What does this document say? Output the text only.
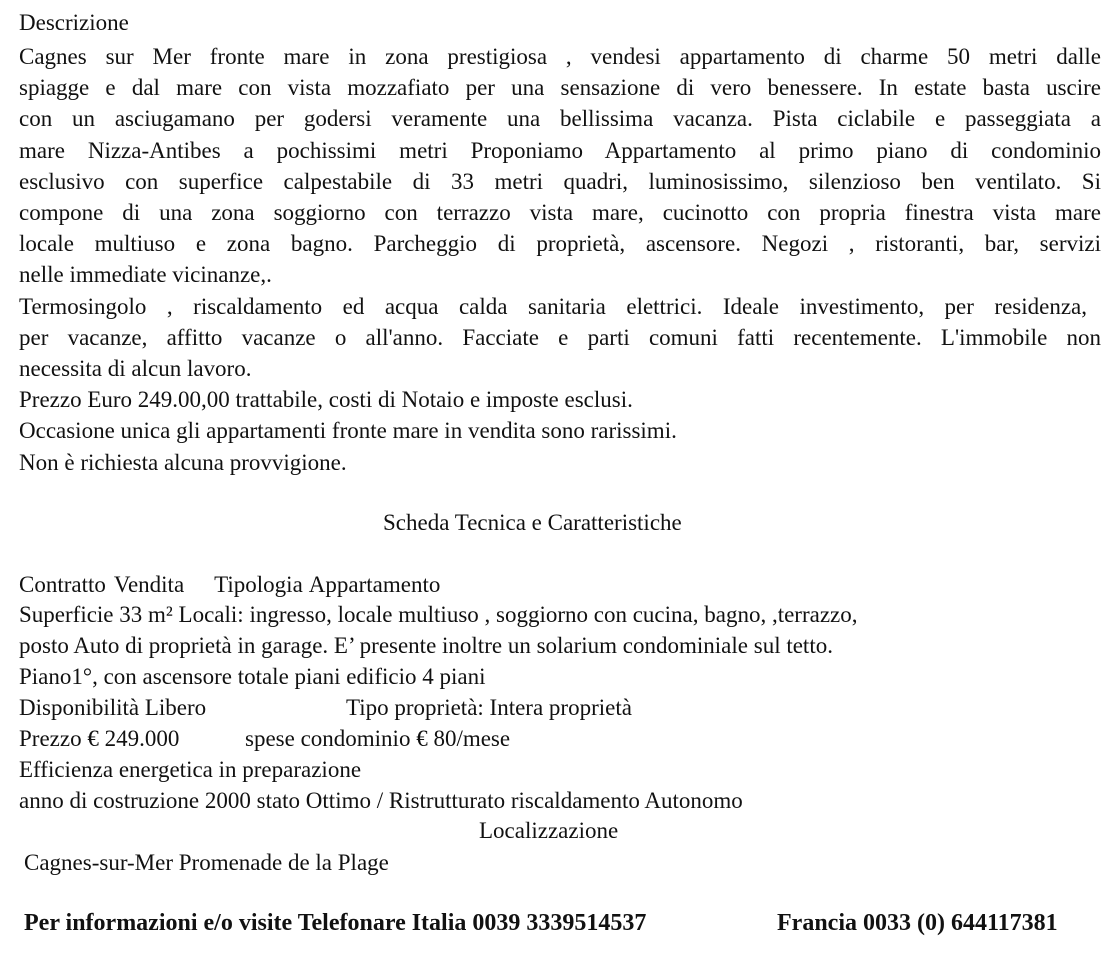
Descrizione
Cagnes sur Mer fronte mare in zona prestigiosa , vendesi appartamento di charme 50 metri dalle
spiagge e dal mare con vista mozzafiato per una sensazione di vero benessere. In estate basta uscire
con un asciugamano per godersi veramente una bellissima vacanza. Pista ciclabile e passeggiata a
mare Nizza-Antibes a pochissimi metri Proponiamo Appartamento al primo piano di condominio
esclusivo con superfice calpestabile di 33 metri quadri, luminosissimo, silenzioso ben ventilato. Si
compone di una zona soggiorno con terrazzo vista mare, cucinotto con propria finestra vista mare
locale multiuso e zona bagno. Parcheggio di proprietà, ascensore. Negozi , ristoranti, bar, servizi
nelle immediate vicinanze,.
Termosingolo , riscaldamento ed acqua calda sanitaria elettrici. Ideale investimento, per residenza,
per vacanze, affitto vacanze o all'anno. Facciate e parti comuni fatti recentemente. L'immobile non
necessita di alcun lavoro.
Prezzo Euro 249.00,00 trattabile, costi di Notaio e imposte esclusi.
Occasione unica gli appartamenti fronte mare in vendita sono rarissimi.
Non è richiesta alcuna provvigione.
Scheda Tecnica e Caratteristiche
Contratto Vendita Tipologia Appartamento
Superficie 33 m² Locali: ingresso, locale multiuso , soggiorno con cucina, bagno, ,terrazzo,
posto Auto di proprietà in garage. E’ presente inoltre un solarium condominiale sul tetto.
Piano1°, con ascensore totale piani edificio 4 piani
Disponibilità Libero	Tipo proprietà: Intera proprietà
Prezzo € 249.000	spese condominio € 80/mese
Efficienza energetica in preparazione
anno di costruzione 2000 stato Ottimo / Ristrutturato riscaldamento Autonomo
Localizzazione
Cagnes-sur-Mer Promenade de la Plage
Per informazioni e/o visite Telefonare Italia 0039 3339514537	Francia 0033 (0) 644117381
